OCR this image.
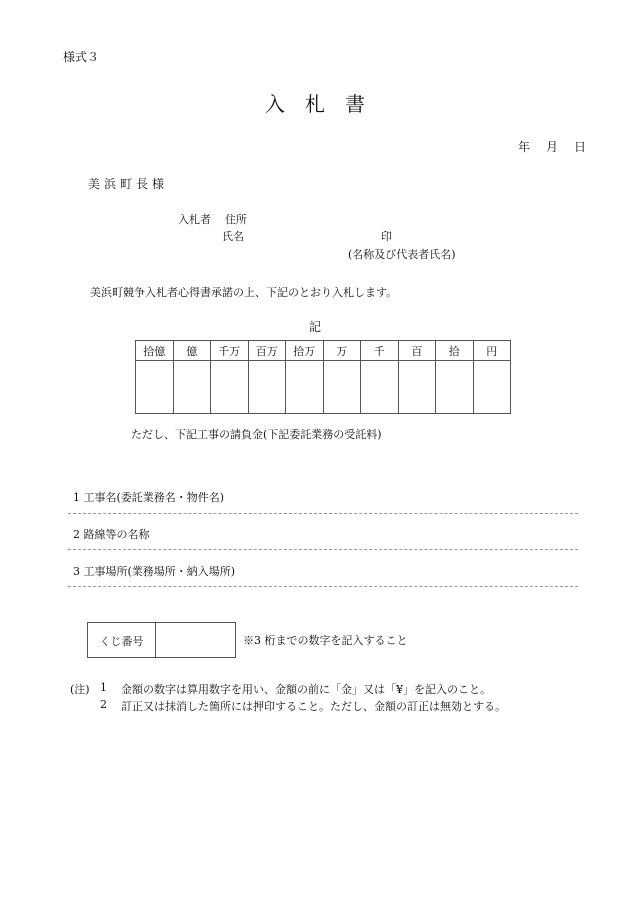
様式３
入札書
年　月　日
美浜町長様
入札者 住所
氏名	印
(名称及び代表者氏名)
美浜町競争入札者心得書承諾の上、下記のとおり入札します。
記
拾億	億	千万	百万	拾万	万	千	百	拾	円

ただし、下記工事の請負金(下記委託業務の受託料)
1 工事名(委託業務名・物件名)
2 路線等の名称
3 工事場所(業務場所・納入場所)
くじ番号	※3 桁までの数字を記入すること
(注) 1 金額の数字は算用数字を用い、金額の前に「金」又は「¥」を記入のこと。
2 訂正又は抹消した箇所には押印すること。ただし、金額の訂正は無効とする。
